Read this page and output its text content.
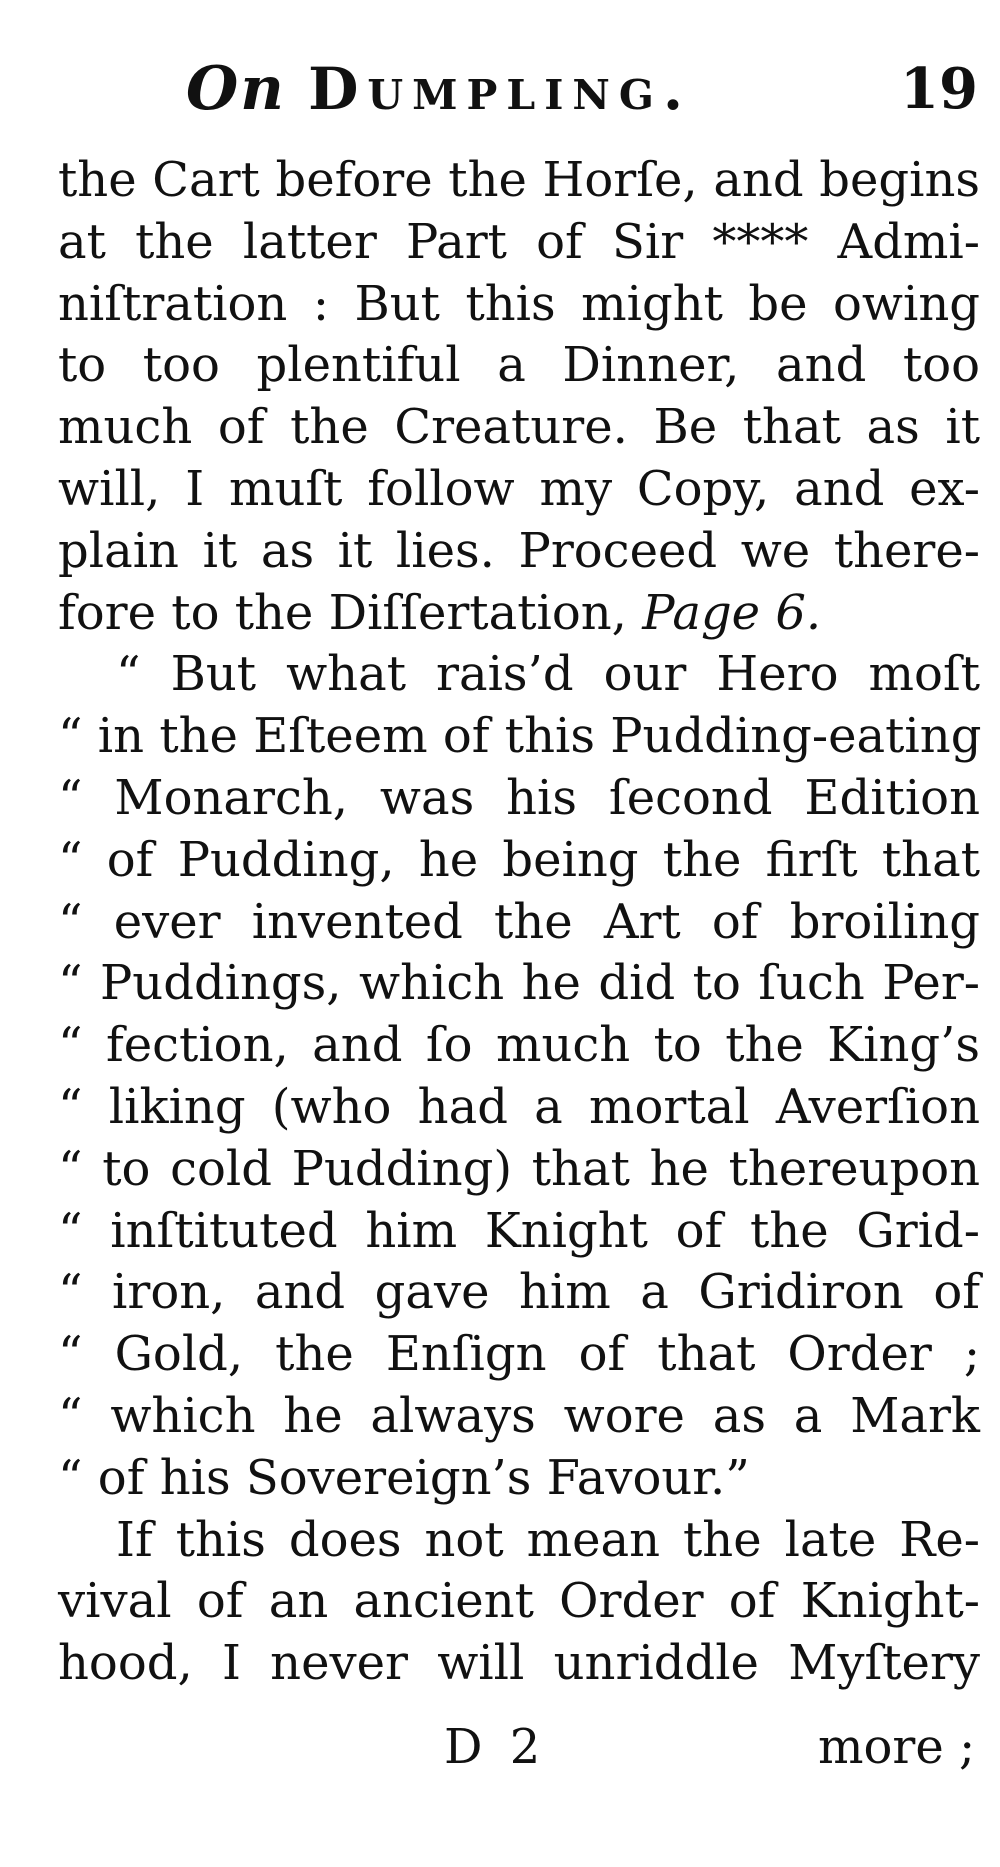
On Dumpling.	19
the Cart before the Horſe, and begins
at the latter Part of Sir **** Admi-
niſtration : But this might be owing
to too plentiful a Dinner, and too
much of the Creature. Be that as it
will, I muſt follow my Copy, and ex-
plain it as it lies. Proceed we there-
fore to the Diſſertation, Page 6.
“ But what rais’d our Hero moſt
“ in the Eſteem of this Pudding-eating
“ Monarch, was his ſecond Edition
“ of Pudding, he being the firſt that
“ ever invented the Art of broiling
“ Puddings, which he did to ſuch Per-
“ fection, and ſo much to the King’s
“ liking (who had a mortal Averſion
“ to cold Pudding) that he thereupon
“ inſtituted him Knight of the Grid-
“ iron, and gave him a Gridiron of
“ Gold, the Enſign of that Order ;
“ which he always wore as a Mark
“ of his Sovereign’s Favour.”
If this does not mean the late Re-
vival of an ancient Order of Knight-
hood, I never will unriddle Myſtery
D 2	more ;
